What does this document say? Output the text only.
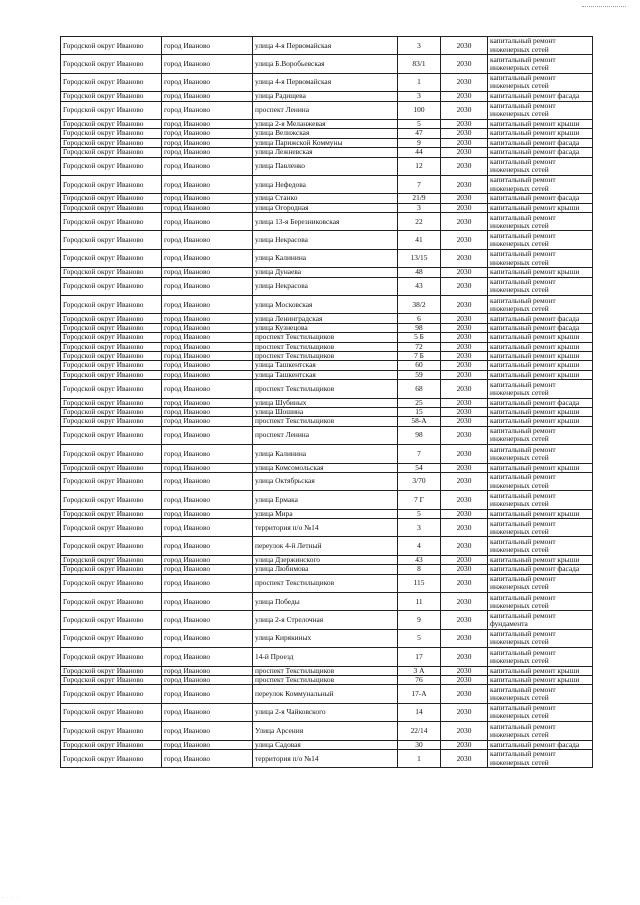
Городской округ Иваново	город Иваново	улица 4-я Первомайская	3	2030	капитальный ремонт инженерных сетей
Городской округ Иваново	город Иваново	улица Б.Воробьевская	83/1	2030	капитальный ремонт инженерных сетей
Городской округ Иваново	город Иваново	улица 4-я Первомайская	1	2030	капитальный ремонт инженерных сетей
Городской округ Иваново	город Иваново	улица Радищева	3	2030	капитальный ремонт фасада
Городской округ Иваново	город Иваново	проспект Ленина	100	2030	капитальный ремонт инженерных сетей
Городской округ Иваново	город Иваново	улица 2-я Меланжевая	5	2030	капитальный ремонт крыши
Городской округ Иваново	город Иваново	улица Велижская	47	2030	капитальный ремонт крыши
Городской округ Иваново	город Иваново	улица Парижской Коммуны	9	2030	капитальный ремонт фасада
Городской округ Иваново	город Иваново	улица Лежневская	44	2030	капитальный ремонт фасада
Городской округ Иваново	город Иваново	улица Павленко	12	2030	капитальный ремонт инженерных сетей
Городской округ Иваново	город Иваново	улица Нефедова	7	2030	капитальный ремонт инженерных сетей
Городской округ Иваново	город Иваново	улица Станко	21/9	2030	капитальный ремонт фасада
Городской округ Иваново	город Иваново	улица Огородная	3	2030	капитальный ремонт крыши
Городской округ Иваново	город Иваново	улица 13-я Березниковская	22	2030	капитальный ремонт инженерных сетей
Городской округ Иваново	город Иваново	улица Некрасова	41	2030	капитальный ремонт инженерных сетей
Городской округ Иваново	город Иваново	улица Калинина	13/15	2030	капитальный ремонт инженерных сетей
Городской округ Иваново	город Иваново	улица Дунаева	48	2030	капитальный ремонт крыши
Городской округ Иваново	город Иваново	улица Некрасова	43	2030	капитальный ремонт инженерных сетей
Городской округ Иваново	город Иваново	улица Московская	38/2	2030	капитальный ремонт инженерных сетей
Городской округ Иваново	город Иваново	улица Ленинградская	6	2030	капитальный ремонт фасада
Городской округ Иваново	город Иваново	улица Кузнецова	98	2030	капитальный ремонт фасада
Городской округ Иваново	город Иваново	проспект Текстильщиков	5 Б	2030	капитальный ремонт крыши
Городской округ Иваново	город Иваново	проспект Текстильщиков	72	2030	капитальный ремонт крыши
Городской округ Иваново	город Иваново	проспект Текстильщиков	7 Б	2030	капитальный ремонт крыши
Городской округ Иваново	город Иваново	улица Ташкентская	60	2030	капитальный ремонт крыши
Городской округ Иваново	город Иваново	улица Ташкентская	59	2030	капитальный ремонт крыши
Городской округ Иваново	город Иваново	проспект Текстильщиков	68	2030	капитальный ремонт инженерных сетей
Городской округ Иваново	город Иваново	улица Шубиных	25	2030	капитальный ремонт фасада
Городской округ Иваново	город Иваново	улица Шошина	15	2030	капитальный ремонт крыши
Городской округ Иваново	город Иваново	проспект Текстильщиков	58-А	2030	капитальный ремонт крыши
Городской округ Иваново	город Иваново	проспект Ленина	98	2030	капитальный ремонт инженерных сетей
Городской округ Иваново	город Иваново	улица Калинина	7	2030	капитальный ремонт инженерных сетей
Городской округ Иваново	город Иваново	улица Комсомольская	54	2030	капитальный ремонт крыши
Городской округ Иваново	город Иваново	улица Октябрьская	3/70	2030	капитальный ремонт инженерных сетей
Городской округ Иваново	город Иваново	улица Ермака	7 Г	2030	капитальный ремонт инженерных сетей
Городской округ Иваново	город Иваново	улица Мира	5	2030	капитальный ремонт крыши
Городской округ Иваново	город Иваново	территория п/о №14	3	2030	капитальный ремонт инженерных сетей
Городской округ Иваново	город Иваново	переулок 4-й Летный	4	2030	капитальный ремонт инженерных сетей
Городской округ Иваново	город Иваново	улица Дзержинского	43	2030	капитальный ремонт крыши
Городской округ Иваново	город Иваново	улица Любимова	8	2030	капитальный ремонт фасада
Городской округ Иваново	город Иваново	проспект Текстильщиков	115	2030	капитальный ремонт инженерных сетей
Городской округ Иваново	город Иваново	улица Победы	11	2030	капитальный ремонт инженерных сетей
Городской округ Иваново	город Иваново	улица 2-я Стрелочная	9	2030	капитальный ремонт фундамента
Городской округ Иваново	город Иваново	улица Кирякиных	5	2030	капитальный ремонт инженерных сетей
Городской округ Иваново	город Иваново	14-й Проезд	17	2030	капитальный ремонт инженерных сетей
Городской округ Иваново	город Иваново	проспект Текстильщиков	3 А	2030	капитальный ремонт крыши
Городской округ Иваново	город Иваново	проспект Текстильщиков	76	2030	капитальный ремонт крыши
Городской округ Иваново	город Иваново	переулок Коммунальный	17-А	2030	капитальный ремонт инженерных сетей
Городской округ Иваново	город Иваново	улица 2-я Чайковского	14	2030	капитальный ремонт инженерных сетей
Городской округ Иваново	город Иваново	Улица Арсения	22/14	2030	капитальный ремонт инженерных сетей
Городской округ Иваново	город Иваново	улица Садовая	30	2030	капитальный ремонт фасада
Городской округ Иваново	город Иваново	территория п/о №14	1	2030	капитальный ремонт инженерных сетей
· · · ·
